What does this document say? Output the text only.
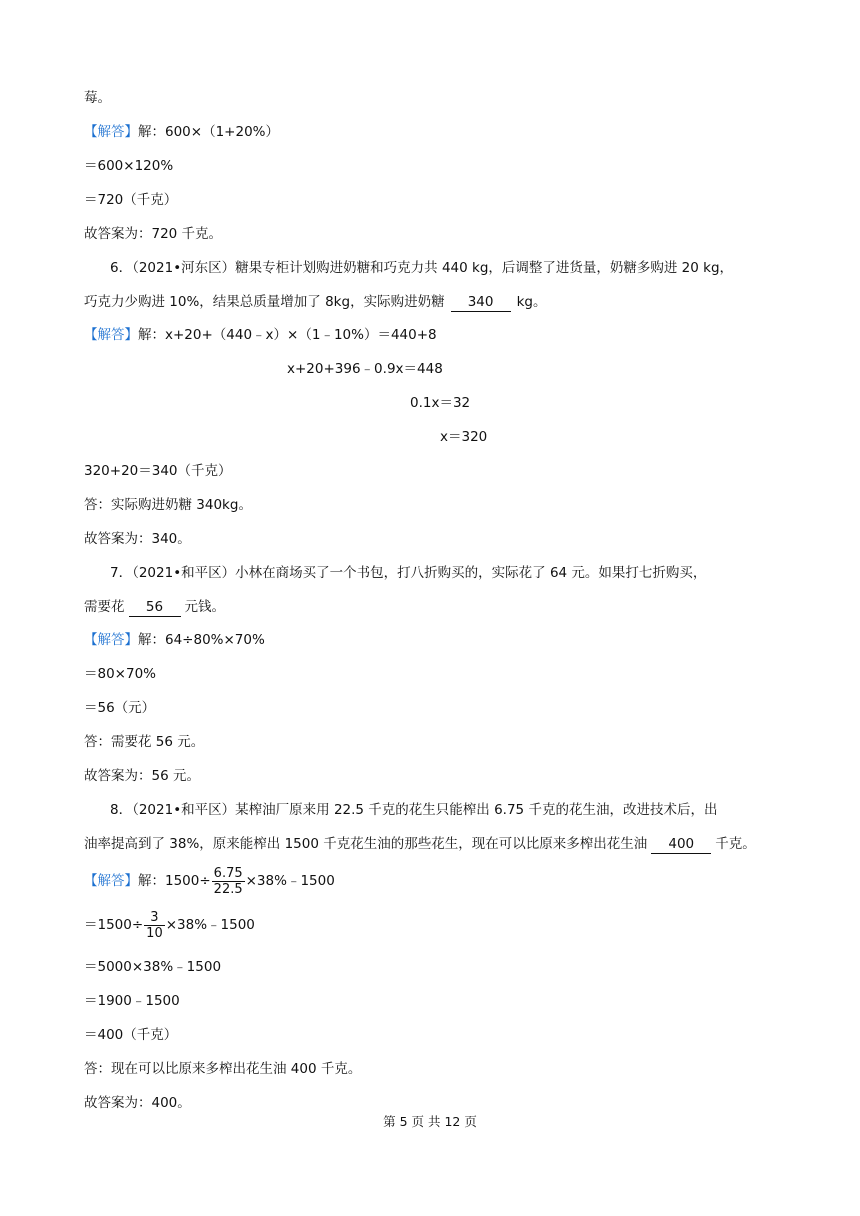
莓。
【解答】解：600×（1+20%）
＝600×120%
＝720（千克）
故答案为：720 千克。
6．（2021•河东区）糖果专柜计划购进奶糖和巧克力共 440 kg，后调整了进货量，奶糖多购进 20 kg，
巧克力少购进 10%，结果总质量增加了 8kg，实际购进奶糖 340 kg。
【解答】解：x+20+（440﹣x）×（1﹣10%）＝440+8
x+20+396﹣0.9x＝448
0.1x＝32
x＝320
320+20＝340（千克）
答：实际购进奶糖 340kg。
故答案为：340。
7．（2021•和平区）小林在商场买了一个书包，打八折购买的，实际花了 64 元。如果打七折购买，
需要花 56 元钱。
【解答】解：64÷80%×70%
＝80×70%
＝56（元）
答：需要花 56 元。
故答案为：56 元。
8．（2021•和平区）某榨油厂原来用 22.5 千克的花生只能榨出 6.75 千克的花生油，改进技术后，出
油率提高到了 38%，原来能榨出 1500 千克花生油的那些花生，现在可以比原来多榨出花生油 400 千克。
【解答】解：$1500\div \frac{6.75}{22.5}$ ×38%﹣1500
$=1500\div \frac{3}{10}$ ×38%﹣1500
＝5000×38%﹣1500
＝1900﹣1500
＝400（千克）
答：现在可以比原来多榨出花生油 400 千克。
故答案为：400。
第 5 页 共 12 页
